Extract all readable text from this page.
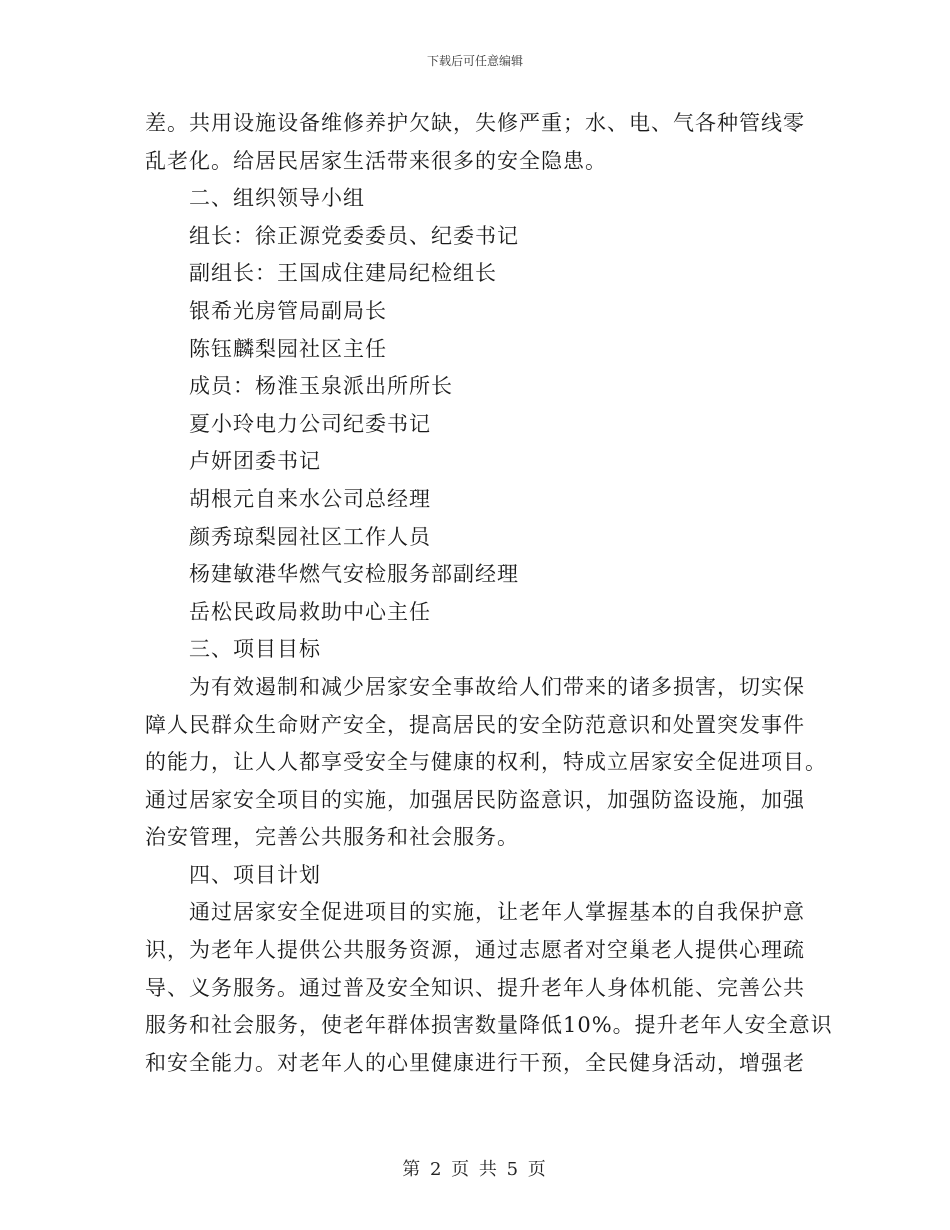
下载后可任意编辑
差。共用设施设备维修养护欠缺，失修严重；水、电、气各种管线零
乱老化。给居民居家生活带来很多的安全隐患。
二、组织领导小组
组长：徐正源党委委员、纪委书记
副组长：王国成住建局纪检组长
银希光房管局副局长
陈钰麟梨园社区主任
成员：杨淮玉泉派出所所长
夏小玲电力公司纪委书记
卢妍团委书记
胡根元自来水公司总经理
颜秀琼梨园社区工作人员
杨建敏港华燃气安检服务部副经理
岳松民政局救助中心主任
三、项目目标
为有效遏制和减少居家安全事故给人们带来的诸多损害，切实保
障人民群众生命财产安全，提高居民的安全防范意识和处置突发事件
的能力，让人人都享受安全与健康的权利，特成立居家安全促进项目。
通过居家安全项目的实施，加强居民防盗意识，加强防盗设施，加强
治安管理，完善公共服务和社会服务。
四、项目计划
通过居家安全促进项目的实施，让老年人掌握基本的自我保护意
识，为老年人提供公共服务资源，通过志愿者对空巢老人提供心理疏
导、义务服务。通过普及安全知识、提升老年人身体机能、完善公共
服务和社会服务，使老年群体损害数量降低10%。提升老年人安全意识
和安全能力。对老年人的心里健康进行干预，全民健身活动，增强老
第 2 页 共 5 页
